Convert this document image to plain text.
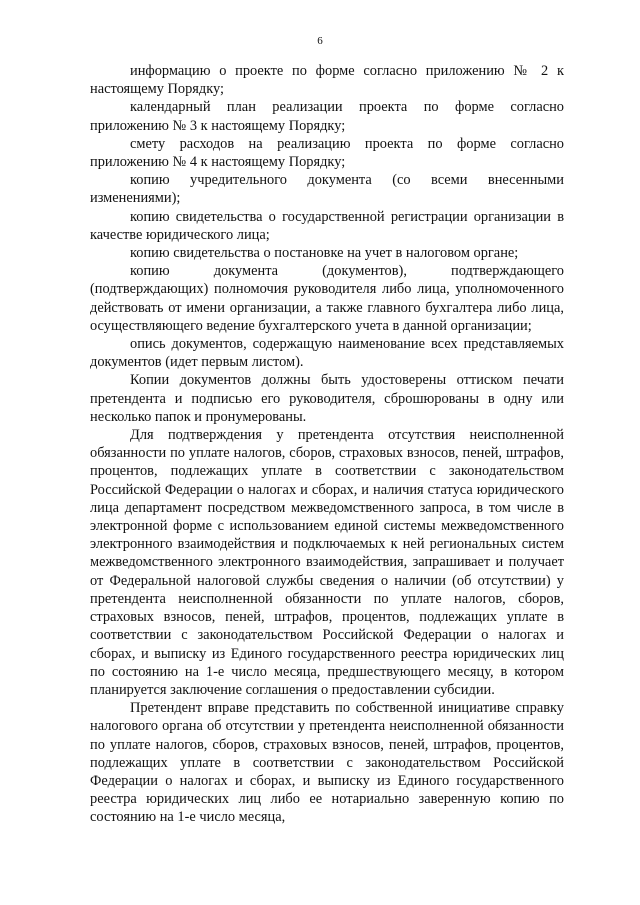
6

информацию о проекте по форме согласно приложению № 2 к настоящему Порядку;

календарный план реализации проекта по форме согласно приложению № 3 к настоящему Порядку;

смету расходов на реализацию проекта по форме согласно приложению № 4 к настоящему Порядку;

копию учредительного документа (со всеми внесенными изменениями);

копию свидетельства о государственной регистрации организации в качестве юридического лица;

копию свидетельства о постановке на учет в налоговом органе;

копию документа (документов), подтверждающего (подтверждающих) полномочия руководителя либо лица, уполномоченного действовать от имени организации, а также главного бухгалтера либо лица, осуществляющего ведение бухгалтерского учета в данной организации;

опись документов, содержащую наименование всех представляемых документов (идет первым листом).

Копии документов должны быть удостоверены оттиском печати претендента и подписью его руководителя, сброшюрованы в одну или несколько папок и пронумерованы.

Для подтверждения у претендента отсутствия неисполненной обязанности по уплате налогов, сборов, страховых взносов, пеней, штрафов, процентов, подлежащих уплате в соответствии с законодательством Российской Федерации о налогах и сборах, и наличия статуса юридического лица департамент посредством межведомственного запроса, в том числе в электронной форме с использованием единой системы межведомственного электронного взаимодействия и подключаемых к ней региональных систем межведомственного электронного взаимодействия, запрашивает и получает от Федеральной налоговой службы сведения о наличии (об отсутствии) у претендента неисполненной обязанности по уплате налогов, сборов, страховых взносов, пеней, штрафов, процентов, подлежащих уплате в соответствии с законодательством Российской Федерации о налогах и сборах, и выписку из Единого государственного реестра юридических лиц по состоянию на 1-е число месяца, предшествующего месяцу, в котором планируется заключение соглашения о предоставлении субсидии.

Претендент вправе представить по собственной инициативе справку налогового органа об отсутствии у претендента неисполненной обязанности по уплате налогов, сборов, страховых взносов, пеней, штрафов, процентов, подлежащих уплате в соответствии с законодательством Российской Федерации о налогах и сборах, и выписку из Единого государственного реестра юридических лиц либо ее нотариально заверенную копию по состоянию на 1-е число месяца,
